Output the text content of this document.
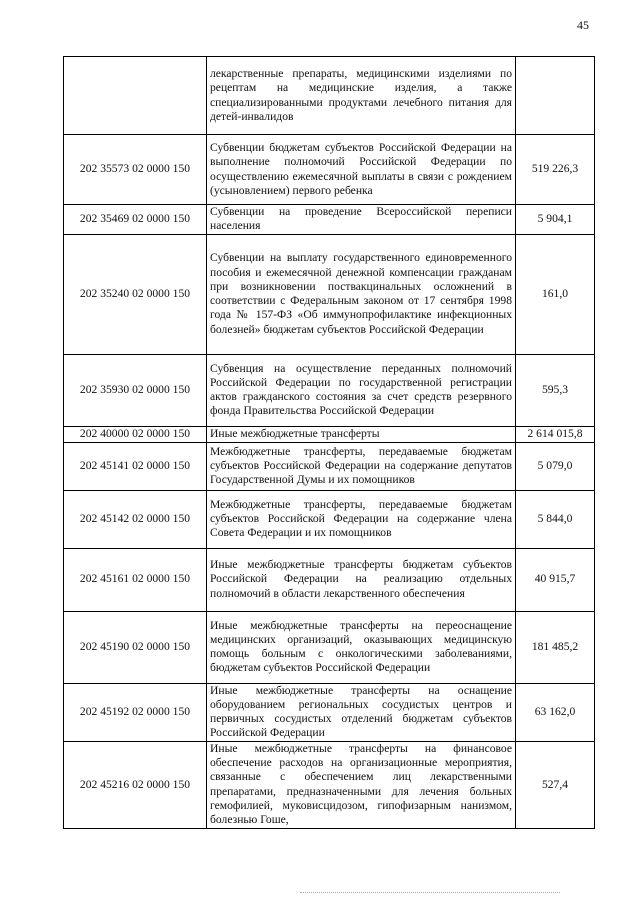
45
	лекарственные препараты, медицинскими изделиями по рецептам на медицинские изделия, а также специализированными продуктами лечебного питания для детей-инвалидов	
202 35573 02 0000 150	Субвенции бюджетам субъектов Российской Федерации на выполнение полномочий Российской Федерации по осуществлению ежемесячной выплаты в связи с рождением (усыновлением) первого ребенка	519 226,3
202 35469 02 0000 150	Субвенции на проведение Всероссийской переписи населения	5 904,1
202 35240 02 0000 150	Субвенции на выплату государственного единовременного пособия и ежемесячной денежной компенсации гражданам при возникновении поствакцинальных осложнений в соответствии с Федеральным законом от 17 сентября 1998 года № 157-ФЗ «Об иммунопрофилактике инфекционных болезней» бюджетам субъектов Российской Федерации	161,0
202 35930 02 0000 150	Субвенция на осуществление переданных полномочий Российской Федерации по государственной регистрации актов гражданского состояния за счет средств резервного фонда Правительства Российской Федерации	595,3
202 40000 02 0000 150	Иные межбюджетные трансферты	2 614 015,8
202 45141 02 0000 150	Межбюджетные трансферты, передаваемые бюджетам субъектов Российской Федерации на содержание депутатов Государственной Думы и их помощников	5 079,0
202 45142 02 0000 150	Межбюджетные трансферты, передаваемые бюджетам субъектов Российской Федерации на содержание члена Совета Федерации и их помощников	5 844,0
202 45161 02 0000 150	Иные межбюджетные трансферты бюджетам субъектов Российской Федерации на реализацию отдельных полномочий в области лекарственного обеспечения	40 915,7
202 45190 02 0000 150	Иные межбюджетные трансферты на переоснащение медицинских организаций, оказывающих медицинскую помощь больным с онкологическими заболеваниями, бюджетам субъектов Российской Федерации	181 485,2
202 45192 02 0000 150	Иные межбюджетные трансферты на оснащение оборудованием региональных сосудистых центров и первичных сосудистых отделений бюджетам субъектов Российской Федерации	63 162,0
202 45216 02 0000 150	Иные межбюджетные трансферты на финансовое обеспечение расходов на организационные мероприятия, связанные с обеспечением лиц лекарственными препаратами, предназначенными для лечения больных гемофилией, муковисцидозом, гипофизарным нанизмом, болезнью Гоше,	527,4
